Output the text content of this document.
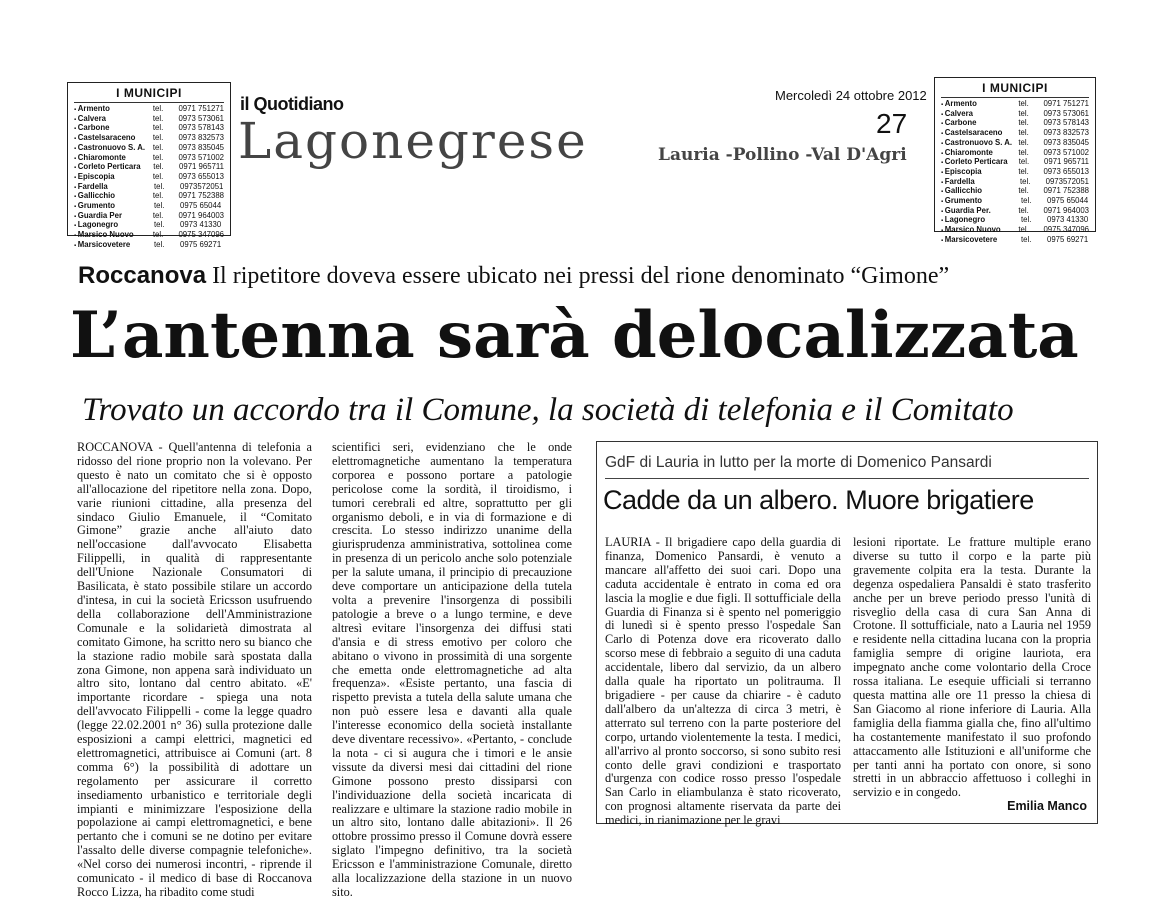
I MUNICIPI
▪ Armento	tel.	0971 751271
▪ Calvera	tel.	0973 573061
▪ Carbone	tel.	0973 578143
▪ Castelsaraceno	tel.	0973 832573
▪ Castronuovo S. A. tel.	0973 835045
▪ Chiaromonte	tel.	0973 571002
▪ Corleto Perticara	tel.	0971 965711
▪ Episcopia	tel.	0973 655013
▪ Fardella	tel.	0973572051
▪ Gallicchio	tel.	0971 752388
▪ Grumento	tel.	0975 65044
▪ Guardia Per	tel.	0971 964003
▪ Lagonegro	tel.	0973 41330
▪ Marsico Nuovo	tel.	0975 347096
▪ Marsicovetere	tel.	0975 69271
I MUNICIPI
▪ Armento	tel.	0971 751271
▪ Calvera	tel.	0973 573061
▪ Carbone	tel.	0973 578143
▪ Castelsaraceno	tel.	0973 832573
▪ Castronuovo S. A. tel.	0973 835045
▪ Chiaromonte	tel.	0973 571002
▪ Corleto Perticara	tel.	0971 965711
▪ Episcopia	tel.	0973 655013
▪ Fardella	tel.	0973572051
▪ Gallicchio	tel.	0971 752388
▪ Grumento	tel.	0975 65044
▪ Guardia Per.	tel.	0971 964003
▪ Lagonegro	tel.	0973 41330
▪ Marsico Nuovo	tel.	0975 347096
▪ Marsicovetere	tel.	0975 69271
il Quotidiano
Lagonegrese
Mercoledì 24 ottobre 2012
27
Lauria -Pollino -Val D'Agri
Roccanova Il ripetitore doveva essere ubicato nei pressi del rione denominato “Gimone”
L’antenna sarà delocalizzata
Trovato un accordo tra il Comune, la società di telefonia e il Comitato

ROCCANOVA - Quell'antenna di telefonia a ridosso del rione proprio non la volevano. Per questo è nato un comitato che si è opposto all'allocazione del ripetitore nella zona. Dopo, varie riunioni cittadine, alla presenza del sindaco Giulio Emanuele, il “Comitato Gimone” grazie anche all'aiuto dato nell'occasione dall'avvocato Elisabetta Filippelli, in qualità di rappresentante dell'Unione Nazionale Consumatori di Basilicata, è stato possibile stilare un accordo d'intesa, in cui la società Ericsson usufruendo della collaborazione dell'Amministrazione Comunale e la solidarietà dimostrata al comitato Gimone, ha scritto nero su bianco che la stazione radio mobile sarà spostata dalla zona Gimone, non appena sarà individuato un altro sito, lontano dal centro abitato. «E' importante ricordare - spiega una nota dell'avvocato Filippelli - come la legge quadro (legge 22.02.2001 n° 36) sulla protezione dalle esposizioni a campi elettrici, magnetici ed elettromagnetici, attribuisce ai Comuni (art. 8 comma 6°) la possibilità di adottare un regolamento per assicurare il corretto insediamento urbanistico e territoriale degli impianti e minimizzare l'esposizione della popolazione ai campi elettromagnetici, e bene pertanto che i comuni se ne dotino per evitare l'assalto delle diverse compagnie telefoniche». «Nel corso dei numerosi incontri, - riprende il comunicato - il medico di base di Roccanova Rocco Lizza, ha ribadito come studi

scientifici seri, evidenziano che le onde elettromagnetiche aumentano la temperatura corporea e possono portare a patologie pericolose come la sordità, il tiroidismo, i tumori cerebrali ed altre, soprattutto per gli organismo deboli, e in via di formazione e di crescita. Lo stesso indirizzo unanime della giurisprudenza amministrativa, sottolinea come in presenza di un pericolo anche solo potenziale per la salute umana, il principio di precauzione deve comportare un anticipazione della tutela volta a prevenire l'insorgenza di possibili patologie a breve o a lungo termine, e deve altresì evitare l'insorgenza dei diffusi stati d'ansia e di stress emotivo per coloro che abitano o vivono in prossimità di una sorgente che emetta onde elettromagnetiche ad alta frequenza». «Esiste pertanto, una fascia di rispetto prevista a tutela della salute umana che non può essere lesa e davanti alla quale l'interesse economico della società installante deve diventare recessivo». «Pertanto, - conclude la nota - ci si augura che i timori e le ansie vissute da diversi mesi dai cittadini del rione Gimone possono presto dissiparsi con l'individuazione della società incaricata di realizzare e ultimare la stazione radio mobile in un altro sito, lontano dalle abitazioni». Il 26 ottobre prossimo presso il Comune dovrà essere siglato l'impegno definitivo, tra la società Ericsson e l'amministrazione Comunale, diretto alla localizzazione della stazione in un nuovo sito.

GdF di Lauria in lutto per la morte di Domenico Pansardi
Cadde da un albero. Muore brigatiere

LAURIA - Il brigadiere capo della guardia di finanza, Domenico Pansardi, è venuto a mancare all'affetto dei suoi cari. Dopo una caduta accidentale è entrato in coma ed ora lascia la moglie e due figli. Il sottufficiale della Guardia di Finanza si è spento nel pomeriggio di lunedì si è spento presso l'ospedale San Carlo di Potenza dove era ricoverato dallo scorso mese di febbraio a seguito di una caduta accidentale, libero dal servizio, da un albero dalla quale ha riportato un politrauma. Il brigadiere - per cause da chiarire - è caduto dall'albero da un'altezza di circa 3 metri, è atterrato sul terreno con la parte posteriore del corpo, urtando violentemente la testa. I medici, all'arrivo al pronto soccorso, si sono subito resi conto delle gravi condizioni e trasportato d'urgenza con codice rosso presso l'ospedale San Carlo in eliambulanza è stato ricoverato, con prognosi altamente riservata da parte dei medici, in rianimazione per le gravi

lesioni riportate. Le fratture multiple erano diverse su tutto il corpo e la parte più gravemente colpita era la testa. Durante la degenza ospedaliera Pansaldi è stato trasferito anche per un breve periodo presso l'unità di risveglio della casa di cura San Anna di Crotone. Il sottufficiale, nato a Lauria nel 1959 e residente nella cittadina lucana con la propria famiglia sempre di origine lauriota, era impegnato anche come volontario della Croce rossa italiana. Le esequie ufficiali si terranno questa mattina alle ore 11 presso la chiesa di San Giacomo al rione inferiore di Lauria. Alla famiglia della fiamma gialla che, fino all'ultimo ha costantemente manifestato il suo profondo attaccamento alle Istituzioni e all'uniforme che per tanti anni ha portato con onore, si sono stretti in un abbraccio affettuoso i colleghi in servizio e in congedo.

Emilia Manco
